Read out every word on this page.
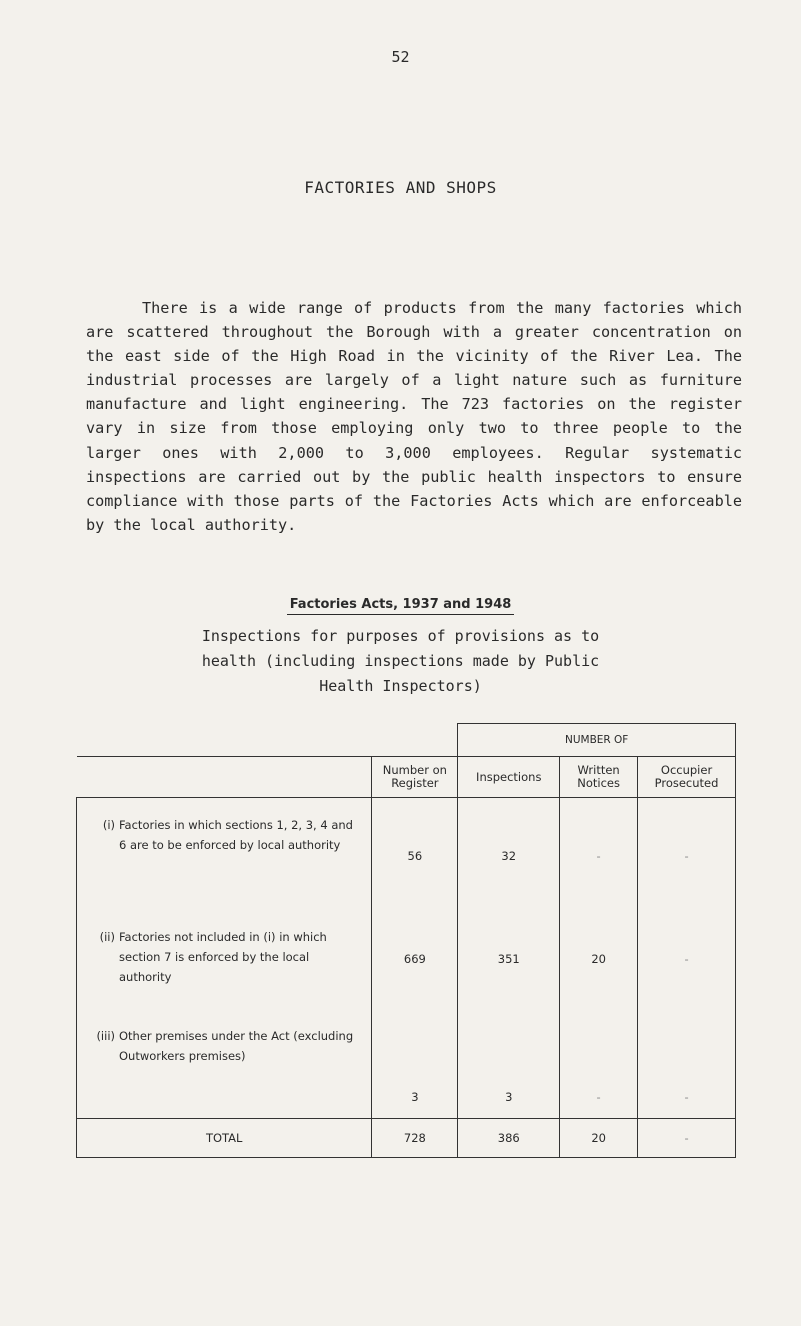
52
FACTORIES AND SHOPS
There is a wide range of products from the many factories which are scattered throughout the Borough with a greater concentration on the east side of the High Road in the vicinity of the River Lea. The industrial processes are largely of a light nature such as furniture manufacture and light engineering. The 723 factories on the register vary in size from those employing only two to three people to the larger ones with 2,000 to 3,000 employees. Regular systematic inspections are carried out by the public health inspectors to ensure compliance with those parts of the Factories Acts which are enforceable by the local authority.
Factories Acts, 1937 and 1948
Inspections for purposes of provisions as to
health (including inspections made by Public
Health Inspectors)
		NUMBER OF		
	Number on Register	Inspections	Written Notices	Occupier Prosecuted

(i) Factories in which sections 1, 2, 3, 4 and 6 are to be enforced by local authority	56	32	-	-

(ii) Factories not included in (i) in which section 7 is enforced by the local authority	669	351	20	-

(iii) Other premises under the Act (excluding Outworkers premises)	3	3	-	-
TOTAL	728	386	20	-
